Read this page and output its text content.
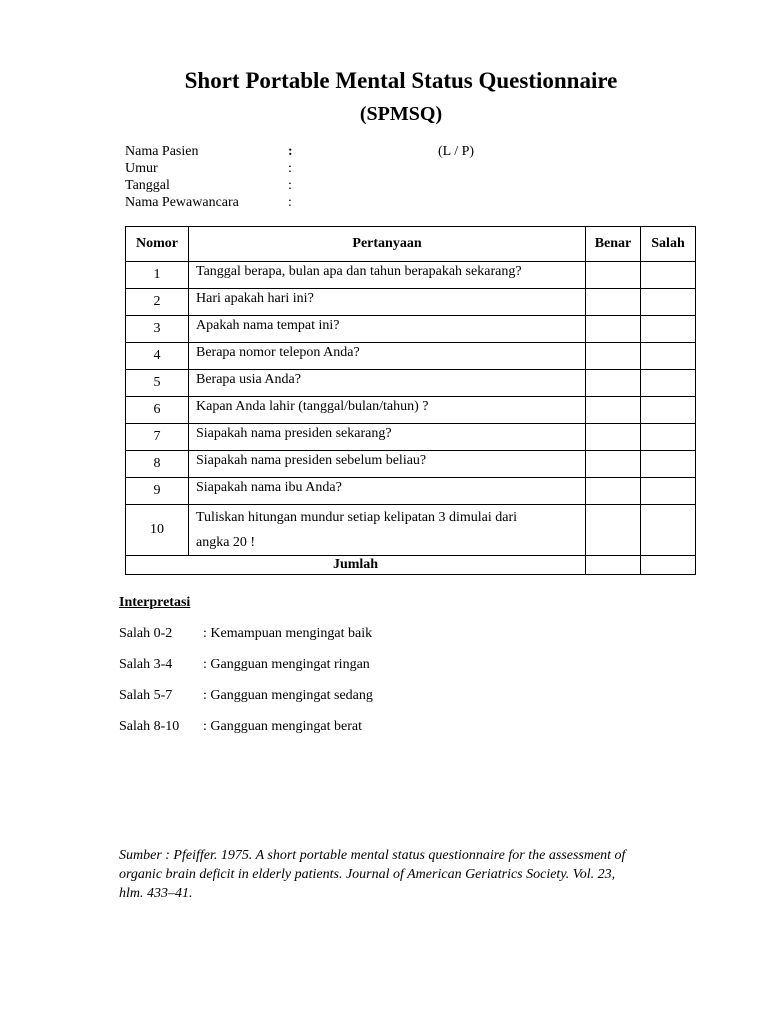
Short Portable Mental Status Questionnaire
(SPMSQ)
Nama Pasien	:	(L / P)
Umur	:
Tanggal	:
Nama Pewawancara	:
Nomor	Pertanyaan	Benar	Salah
1	Tanggal berapa, bulan apa dan tahun berapakah sekarang?		
2	Hari apakah hari ini?		
3	Apakah nama tempat ini?		
4	Berapa nomor telepon Anda?		
5	Berapa usia Anda?		
6	Kapan Anda lahir (tanggal/bulan/tahun) ?		
7	Siapakah nama presiden sekarang?		
8	Siapakah nama presiden sebelum beliau?		
9	Siapakah nama ibu Anda?		
10	Tuliskan hitungan mundur setiap kelipatan 3 dimulai dari
angka 20 !		

Jumlah			
Interpretasi
Salah 0-2 : Kemampuan mengingat baik
Salah 3-4 : Gangguan mengingat ringan
Salah 5-7 : Gangguan mengingat sedang
Salah 8-10 : Gangguan mengingat berat
Sumber : Pfeiffer. 1975. A short portable mental status questionnaire for the assessment of
organic brain deficit in elderly patients. Journal of American Geriatrics Society. Vol. 23,
hlm. 433–41.
